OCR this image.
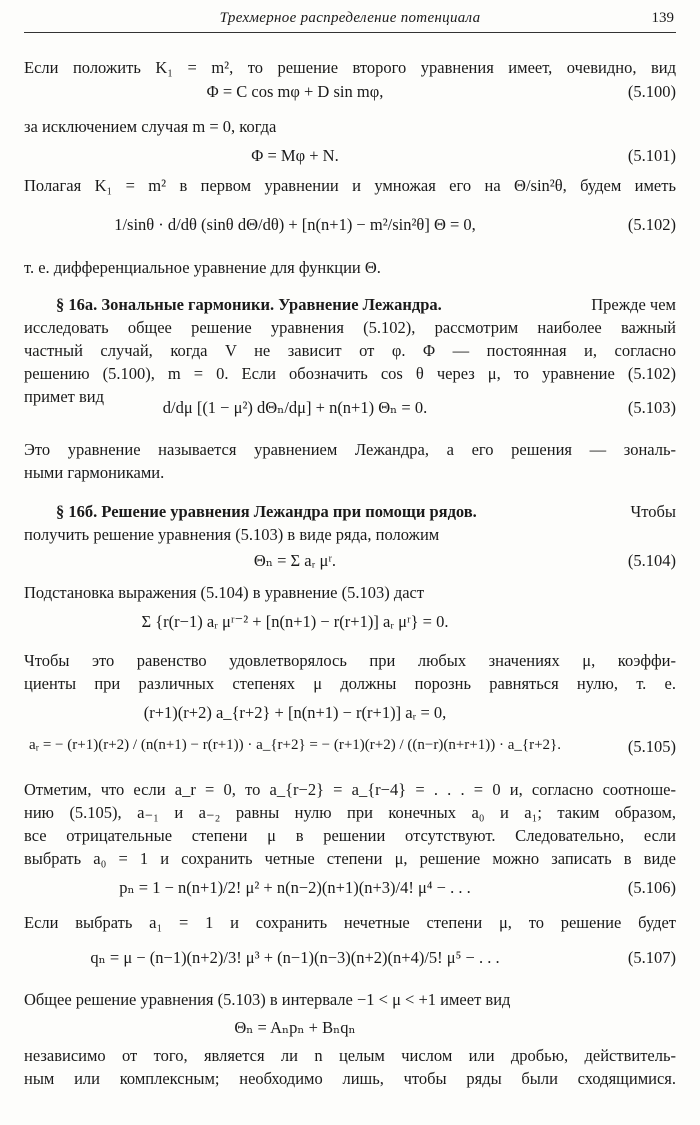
Трехмерное распределение потенциала	139
Если положить K₁ = m², то решение второго уравнения имеет, очевидно, вид
Φ = C cos mφ + D sin mφ,	(5.100)
за исключением случая m = 0, когда
Φ = Mφ + N.	(5.101)
Полагая K₁ = m² в первом уравнении и умножая его на Θ/sin²θ, будем иметь
1/sinθ · d/dθ (sinθ dΘ/dθ) + [n(n+1) − m²/sin²θ] Θ = 0,	(5.102)
т. е. дифференциальное уравнение для функции Θ.
§ 16а. Зональные гармоники. Уравнение Лежандра.	Прежде чем
исследовать общее решение уравнения (5.102), рассмотрим наиболее важный
частный случай, когда V не зависит от φ. Φ — постоянная и, согласно
решению (5.100), m = 0. Если обозначить cos θ через μ, то уравнение (5.102)
примет вид
d/dμ [(1 − μ²) dΘₙ/dμ] + n(n+1) Θₙ = 0.	(5.103)
Это уравнение называется уравнением Лежандра, а его решения — зональ-
ными гармониками.
§ 16б. Решение уравнения Лежандра при помощи рядов.	Чтобы
получить решение уравнения (5.103) в виде ряда, положим
Θₙ = Σ aᵣ μʳ.	(5.104)
Подстановка выражения (5.104) в уравнение (5.103) даст
Σ {r(r−1) aᵣ μʳ⁻² + [n(n+1) − r(r+1)] aᵣ μʳ} = 0.
Чтобы это равенство удовлетворялось при любых значениях μ, коэффи-
циенты при различных степенях μ должны порознь равняться нулю, т. е.
(r+1)(r+2) a_{r+2} + [n(n+1) − r(r+1)] aᵣ = 0,
aᵣ = − (r+1)(r+2) / (n(n+1) − r(r+1)) · a_{r+2} = − (r+1)(r+2) / ((n−r)(n+r+1)) · a_{r+2}.	(5.105)
Отметим, что если a_r = 0, то a_{r−2} = a_{r−4} = . . . = 0 и, согласно соотноше-
нию (5.105), a₋₁ и a₋₂ равны нулю при конечных a₀ и a₁; таким образом,
все отрицательные степени μ в решении отсутствуют. Следовательно, если
выбрать a₀ = 1 и сохранить четные степени μ, решение можно записать в виде
pₙ = 1 − n(n+1)/2! μ² + n(n−2)(n+1)(n+3)/4! μ⁴ − . . .	(5.106)
Если выбрать a₁ = 1 и сохранить нечетные степени μ, то решение будет
qₙ = μ − (n−1)(n+2)/3! μ³ + (n−1)(n−3)(n+2)(n+4)/5! μ⁵ − . . .	(5.107)
Общее решение уравнения (5.103) в интервале −1 < μ < +1 имеет вид
Θₙ = Aₙpₙ + Bₙqₙ
независимо от того, является ли n целым числом или дробью, действитель-
ным или комплексным; необходимо лишь, чтобы ряды были сходящимися.
